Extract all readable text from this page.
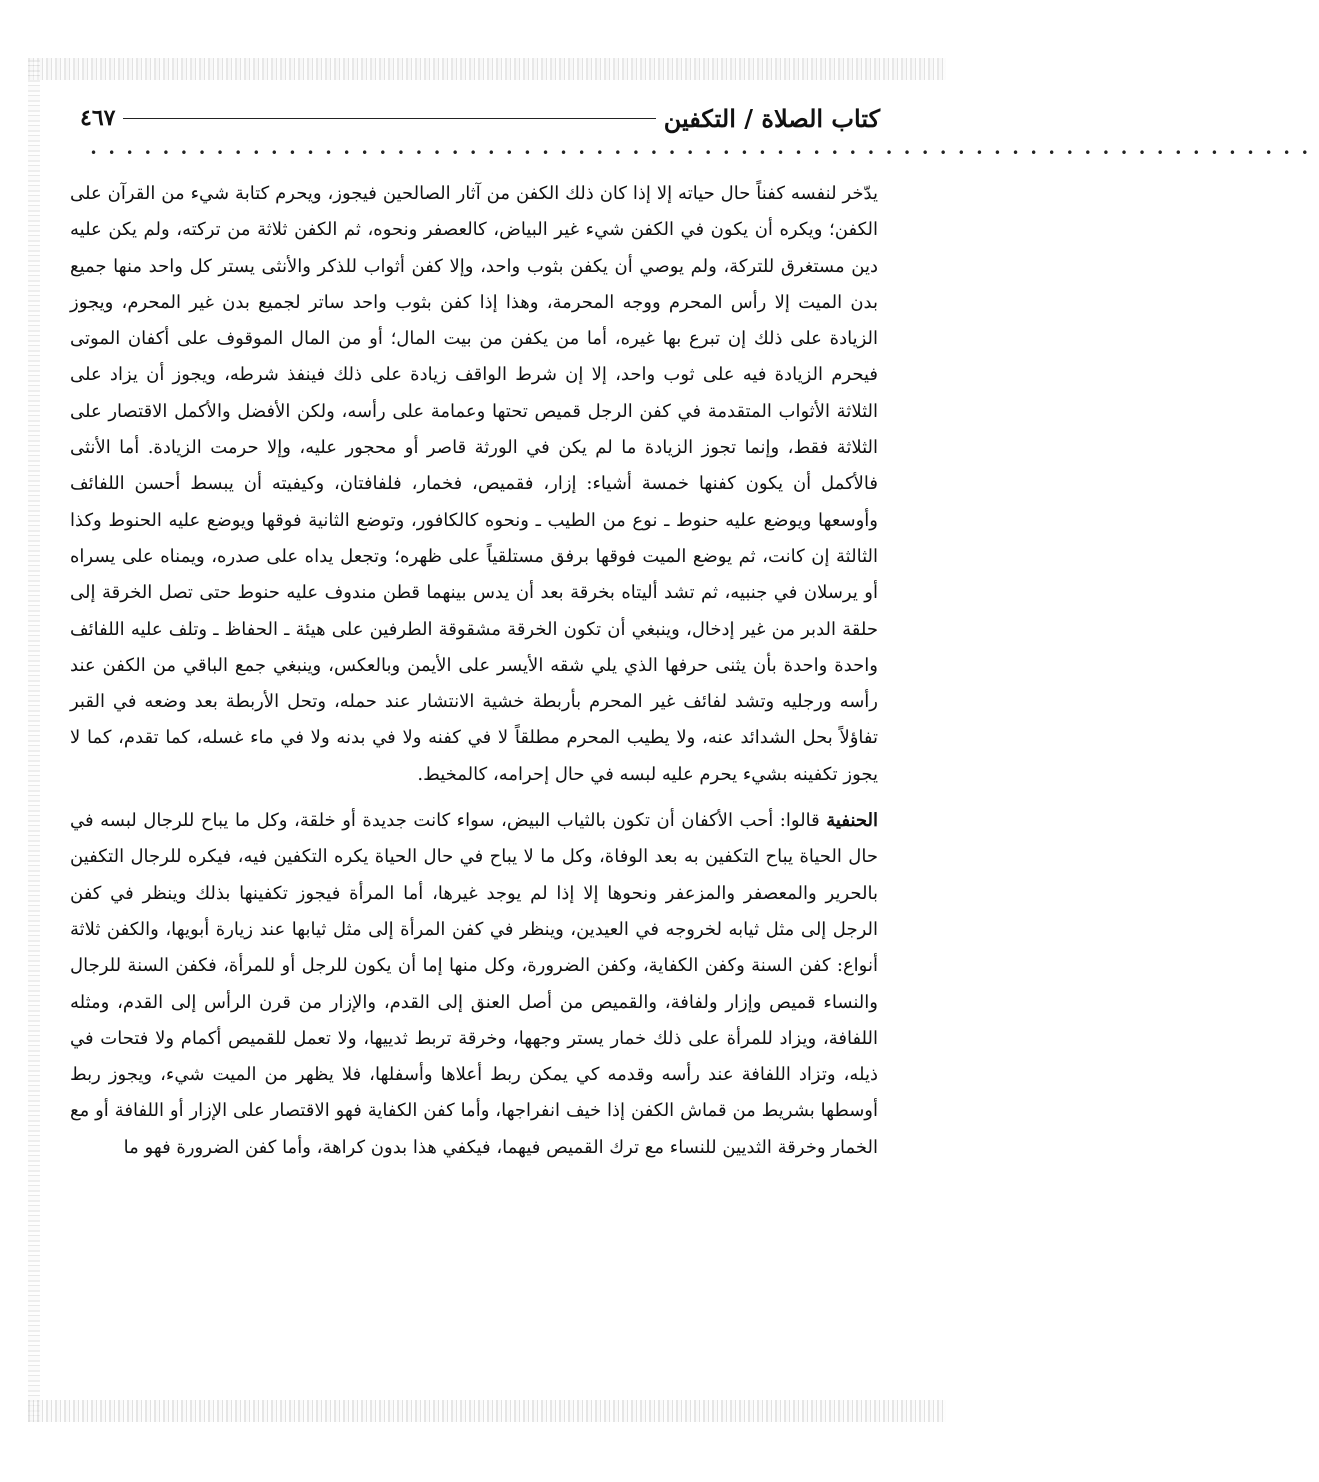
كتاب الصلاة / التكفين
٤٦٧
••••••••••••••••••••••••••••••••••••••••••••••••••••••••••••••••••••

يدّخر لنفسه كفناً حال حياته إلا إذا كان ذلك الكفن من آثار الصالحين فيجوز، ويحرم كتابة شيء من القرآن على الكفن؛ ويكره أن يكون في الكفن شيء غير البياض، كالعصفر ونحوه، ثم الكفن ثلاثة من تركته، ولم يكن عليه دين مستغرق للتركة، ولم يوصي أن يكفن بثوب واحد، وإلا كفن أثواب للذكر والأنثى يستر كل واحد منها جميع بدن الميت إلا رأس المحرم ووجه المحرمة، وهذا إذا كفن بثوب واحد ساتر لجميع بدن غير المحرم، ويجوز الزيادة على ذلك إن تبرع بها غيره، أما من يكفن من بيت المال؛ أو من المال الموقوف على أكفان الموتى فيحرم الزيادة فيه على ثوب واحد، إلا إن شرط الواقف زيادة على ذلك فينفذ شرطه، ويجوز أن يزاد على الثلاثة الأثواب المتقدمة في كفن الرجل قميص تحتها وعمامة على رأسه، ولكن الأفضل والأكمل الاقتصار على الثلاثة فقط، وإنما تجوز الزيادة ما لم يكن في الورثة قاصر أو محجور عليه، وإلا حرمت الزيادة. أما الأنثى فالأكمل أن يكون كفنها خمسة أشياء: إزار، فقميص، فخمار، فلفافتان، وكيفيته أن يبسط أحسن اللفائف وأوسعها ويوضع عليه حنوط ـ نوع من الطيب ـ ونحوه كالكافور، وتوضع الثانية فوقها ويوضع عليه الحنوط وكذا الثالثة إن كانت، ثم يوضع الميت فوقها برفق مستلقياً على ظهره؛ وتجعل يداه على صدره، ويمناه على يسراه أو يرسلان في جنبيه، ثم تشد أليتاه بخرقة بعد أن يدس بينهما قطن مندوف عليه حنوط حتى تصل الخرقة إلى حلقة الدبر من غير إدخال، وينبغي أن تكون الخرقة مشقوقة الطرفين على هيئة ـ الحفاظ ـ وتلف عليه اللفائف واحدة واحدة بأن يثنى حرفها الذي يلي شقه الأيسر على الأيمن وبالعكس، وينبغي جمع الباقي من الكفن عند رأسه ورجليه وتشد لفائف غير المحرم بأربطة خشية الانتشار عند حمله، وتحل الأربطة بعد وضعه في القبر تفاؤلاً بحل الشدائد عنه، ولا يطيب المحرم مطلقاً لا في كفنه ولا في بدنه ولا في ماء غسله، كما تقدم، كما لا يجوز تكفينه بشيء يحرم عليه لبسه في حال إحرامه، كالمخيط.

الحنفية قالوا: أحب الأكفان أن تكون بالثياب البيض، سواء كانت جديدة أو خلقة، وكل ما يباح للرجال لبسه في حال الحياة يباح التكفين به بعد الوفاة، وكل ما لا يباح في حال الحياة يكره التكفين فيه، فيكره للرجال التكفين بالحرير والمعصفر والمزعفر ونحوها إلا إذا لم يوجد غيرها، أما المرأة فيجوز تكفينها بذلك وينظر في كفن الرجل إلى مثل ثيابه لخروجه في العيدين، وينظر في كفن المرأة إلى مثل ثيابها عند زيارة أبويها، والكفن ثلاثة أنواع: كفن السنة وكفن الكفاية، وكفن الضرورة، وكل منها إما أن يكون للرجل أو للمرأة، فكفن السنة للرجال والنساء قميص وإزار ولفافة، والقميص من أصل العنق إلى القدم، والإزار من قرن الرأس إلى القدم، ومثله اللفافة، ويزاد للمرأة على ذلك خمار يستر وجهها، وخرقة تربط ثدييها، ولا تعمل للقميص أكمام ولا فتحات في ذيله، وتزاد اللفافة عند رأسه وقدمه كي يمكن ربط أعلاها وأسفلها، فلا يظهر من الميت شيء، ويجوز ربط أوسطها بشريط من قماش الكفن إذا خيف انفراجها، وأما كفن الكفاية فهو الاقتصار على الإزار أو اللفافة أو مع الخمار وخرقة الثديين للنساء مع ترك القميص فيهما، فيكفي هذا بدون كراهة، وأما كفن الضرورة فهو ما
